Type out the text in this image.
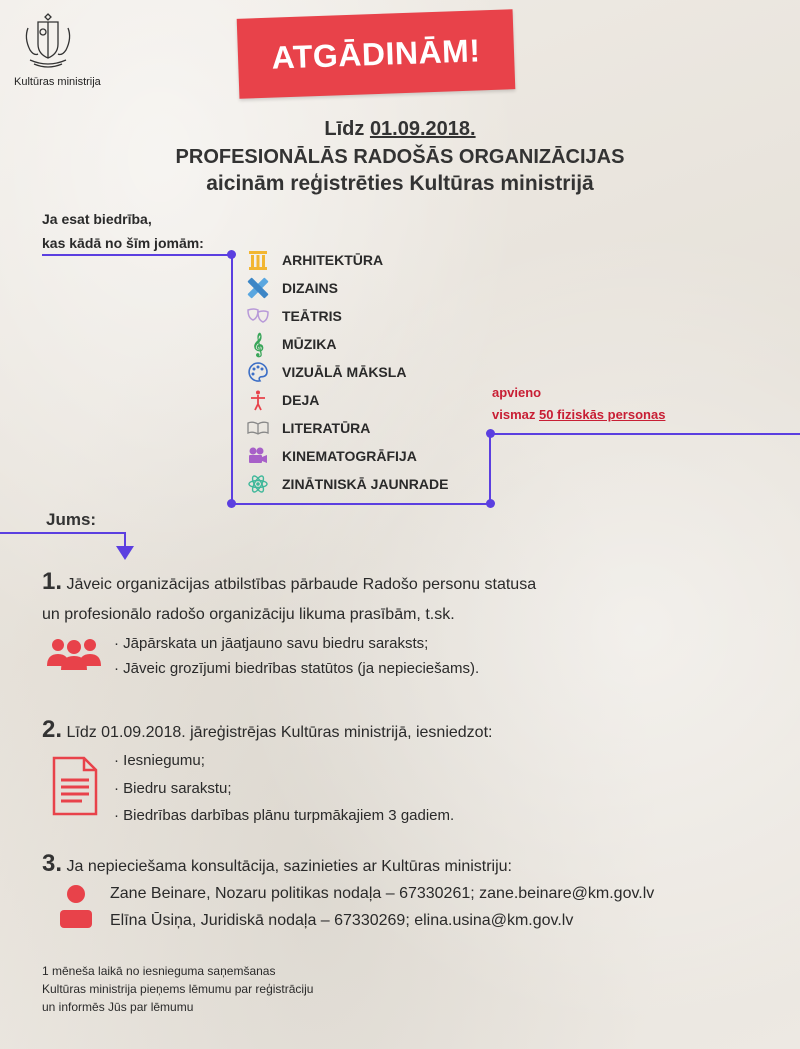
Kultūras ministrija
ATGĀDINĀM!
Līdz 01.09.2018.
PROFESIONĀLĀS RADOŠĀS ORGANIZĀCIJAS
aicinām reģistrēties Kultūras ministrijā
Ja esat biedrība,
kas kādā no šīm jomām:
ARHITEKTŪRA
DIZAINS
TEĀTRIS
𝄞	MŪZIKA
VIZUĀLĀ MĀKSLA
DEJA
LITERATŪRA
KINEMATOGRĀFIJA
ZINĀTNISKĀ JAUNRADE
apvieno
vismaz 50 fiziskās personas
Jums:
1. Jāveic organizācijas atbilstības pārbaude Radošo personu statusa
un profesionālo radošo organizāciju likuma prasībām, t.sk.
· Jāpārskata un jāatjauno savu biedru saraksts;
· Jāveic grozījumi biedrības statūtos (ja nepieciešams).
2. Līdz 01.09.2018. jāreģistrējas Kultūras ministrijā, iesniedzot:
· Iesniegumu;
· Biedru sarakstu;
· Biedrības darbības plānu turpmākajiem 3 gadiem.
3. Ja nepieciešama konsultācija, sazinieties ar Kultūras ministriju:
Zane Beinare, Nozaru politikas nodaļa – 67330261; zane.beinare@km.gov.lv
Elīna Ūsiņa, Juridiskā nodaļa – 67330269; elina.usina@km.gov.lv
1 mēneša laikā no iesnieguma saņemšanas
Kultūras ministrija pieņems lēmumu par reģistrāciju
un informēs Jūs par lēmumu
